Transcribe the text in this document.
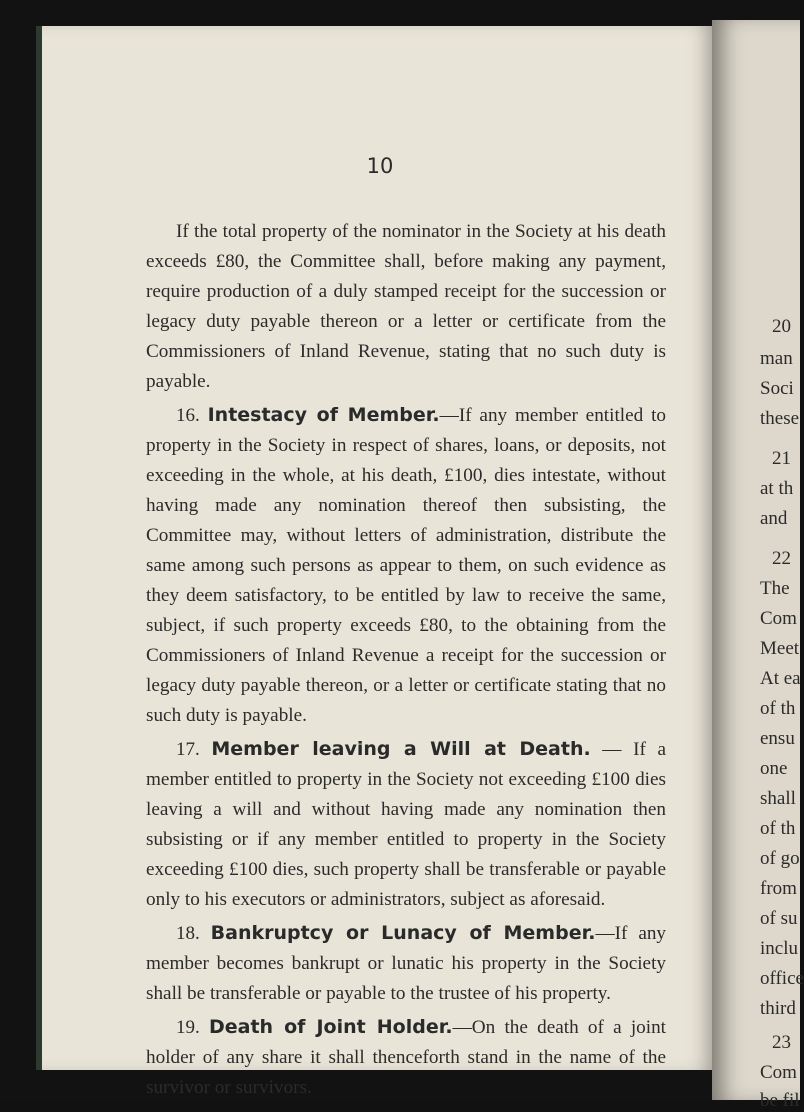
10

If the total property of the nominator in the Society at his death exceeds £80, the Committee shall, before making any payment, require production of a duly stamped receipt for the succession or legacy duty payable thereon or a letter or certificate from the Commissioners of Inland Revenue, stating that no such duty is payable.

16. Intestacy of Member.—If any member entitled to property in the Society in respect of shares, loans, or deposits, not exceeding in the whole, at his death, £100, dies intestate, without having made any nomination thereof then subsisting, the Committee may, without letters of administration, distribute the same among such persons as appear to them, on such evidence as they deem satisfactory, to be entitled by law to receive the same, subject, if such property exceeds £80, to the obtaining from the Commissioners of Inland Revenue a receipt for the succession or legacy duty payable thereon, or a letter or certificate stating that no such duty is payable.

17. Member leaving a Will at Death. — If a member entitled to property in the Society not exceeding £100 dies leaving a will and without having made any nomination then subsisting or if any member entitled to property in the Society exceeding £100 dies, such property shall be transferable or payable only to his executors or administrators, subject as aforesaid.

18. Bankruptcy or Lunacy of Member.—If any member becomes bankrupt or lunatic his property in the Society shall be transferable or payable to the trustee of his property.

19. Death of Joint Holder.—On the death of a joint holder of any share it shall thenceforth stand in the name of the survivor or survivors.

20
man
Soci
these
21
at th
and
22
The
Com
Meet
At ea
of th
ensu
one
shall
of th
of go
from
of su
inclu
office
third
23
Com
be fil
